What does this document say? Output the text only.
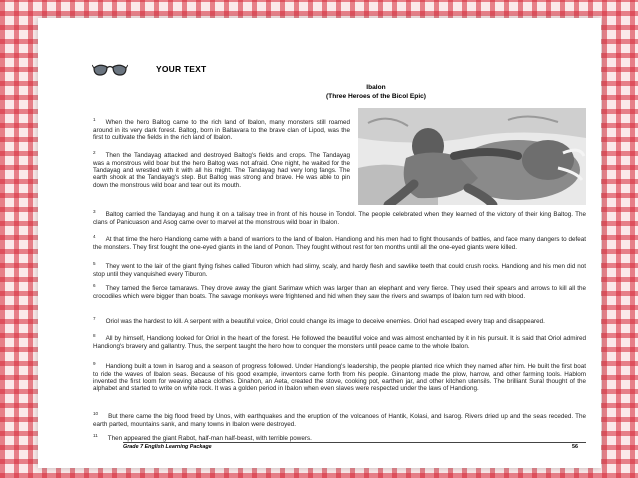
YOUR TEXT
Ibalon
(Three Heroes of the Bicol Epic)

$^1$ When the hero Baltog came to the rich land of Ibalon, many monsters still roamed around in its very dark forest. Baltog, born in Baltavara to the brave clan of Lipod, was the first to cultivate the fields in the rich land of Ibalon.

$^2$ Then the Tandayag attacked and destroyed Baltog's fields and crops. The Tandayag was a monstrous wild boar but the hero Baltog was not afraid. One night, he waited for the Tandayag and wrestled with it with all his might. The Tandayag had very long fangs. The earth shook at the Tandayag's step. But Baltog was strong and brave. He was able to pin down the monstrous wild boar and tear out its mouth.

$^3$ Baltog carried the Tandayag and hung it on a talisay tree in front of his house in Tondol. The people celebrated when they learned of the victory of their king Baltog. The clans of Panicuason and Asog came over to marvel at the monstrous wild boar in Ibalon.

$^4$ At that time the hero Handiong came with a band of warriors to the land of Ibalon. Handiong and his men had to fight thousands of battles, and face many dangers to defeat the monsters. They first fought the one-eyed giants in the land of Ponon. They fought without rest for ten months until all the one-eyed giants were killed.

$^5$ They went to the lair of the giant flying fishes called Tiburon which had slimy, scaly, and hardy flesh and sawlike teeth that could crush rocks. Handiong and his men did not stop until they vanquished every Tiburon.

$^6$ They tamed the fierce tamaraws. They drove away the giant Sarimaw which was larger than an elephant and very fierce. They used their spears and arrows to kill all the crocodiles which were bigger than boats. The savage monkeys were frightened and hid when they saw the rivers and swamps of Ibalon turn red with blood.

$^7$ Oriol was the hardest to kill. A serpent with a beautiful voice, Oriol could change its image to deceive enemies. Oriol had escaped every trap and disappeared.

$^8$ All by himself, Handiong looked for Oriol in the heart of the forest. He followed the beautiful voice and was almost enchanted by it in his pursuit. It is said that Oriol admired Handiong's bravery and gallantry. Thus, the serpent taught the hero how to conquer the monsters until peace came to the whole Ibalon.

$^9$ Handiong built a town in Isarog and a season of progress followed. Under Handiong's leadership, the people planted rice which they named after him. He built the first boat to ride the waves of Ibalon seas. Because of his good example, inventors came forth from his people. Ginantong made the plow, harrow, and other farming tools. Hablom invented the first loom for weaving abaca clothes. Dinahon, an Aeta, created the stove, cooking pot, earthen jar, and other kitchen utensils. The brilliant Sural thought of the alphabet and started to write on white rock. It was a golden period in Ibalon when even slaves were respected under the laws of Handiong.

$^{10}$ But there came the big flood freed by Unos, with earthquakes and the eruption of the volcanoes of Hantik, Kolasi, and Isarog. Rivers dried up and the seas receded. The earth parted, mountains sank, and many towns in Ibalon were destroyed.

$^{11}$ Then appeared the giant Rabot, half-man half-beast, with terrible powers.

Grade 7 English Learning Package	56
